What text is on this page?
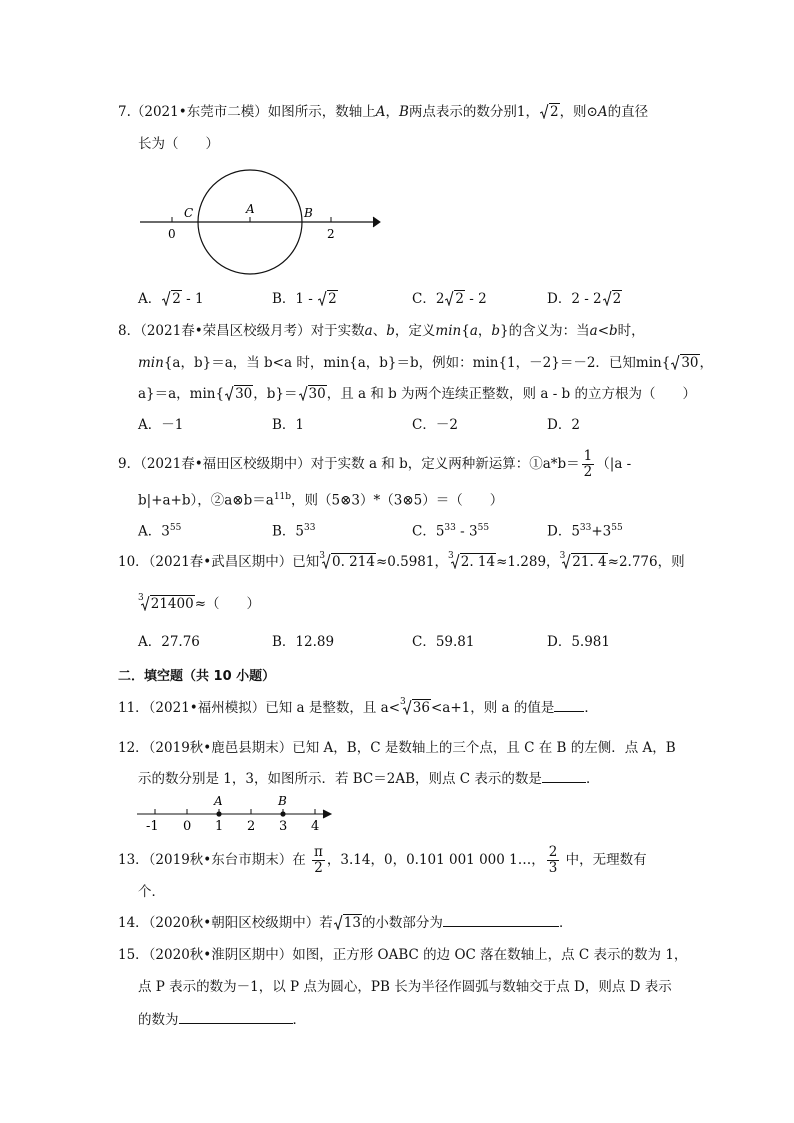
7.（2021•东莞市二模）如图所示，数轴上A，B两点表示的数分别1， 2，则⊙A的直径
长为（　　）
C	A	B
0	2
A． 2 - 1	B．1 -
2	C．2 2 - 2	D．2 - 2 2
8．（2021春•荣昌区校级月考）对于实数a、b，定义min{a，b}的含义为：当a<b时，
min{a，b}＝a，当 b<a 时，min{a，b}＝b，例如：min{1，－2}＝－2．已知min{ 30，
a}＝a，min{ 30，b}＝ 30，且 a 和 b 为两个连续正整数，则 a - b 的立方根为（　　）
A．－1	B．1	C．－2	D．2
9．（2021春•福田区校级期中）对于实数 a 和 b，定义两种新运算：①a*b＝ $\frac{1}{2} (|a$ -
b|+a+b），$②a\otimes b=a^{11b}$，则（5⊗3）*（3⊗5）＝（　　）
A．$3^{55}$	B．$5^{33}$	C．$5^{33} - 3^{55}$	D．$5^{33}+3^{55}$
10．（2021春•武昌区期中）已知$^3$ 0. 214≈0.5981，$^3$ 2. 14≈1.289，$^3$ 21. 4≈2.776，则
$^3$ 21400≈（　　）
A．27.76	B．12.89	C．59.81	D．5.981
二．填空题（共 10 小题）
11．（2021•福州模拟）已知 a 是整数，且 a<$^3$ 36<a+1，则 a 的值是 ．
12．（2019秋•鹿邑县期末）已知 A，B，C 是数轴上的三个点，且 C 在 B 的左侧．点 A，B
示的数分别是 1，3，如图所示．若 BC＝2AB，则点 C 表示的数是	．
A	B
-1 0 1 2 3 4
13．（2019秋•东台市期末）在 $\frac{\pi}{2}$ ，3.14，0，0.101 001 000 1…， $\frac{2}{3}$ 中，无理数有
个．
14．（2020秋•朝阳区校级期中）若 13的小数部分为	．
15．（2020秋•淮阴区期中）如图，正方形 OABC 的边 OC 落在数轴上，点 C 表示的数为 1，
点 P 表示的数为－1，以 P 点为圆心，PB 长为半径作圆弧与数轴交于点 D，则点 D 表示
的数为	．
